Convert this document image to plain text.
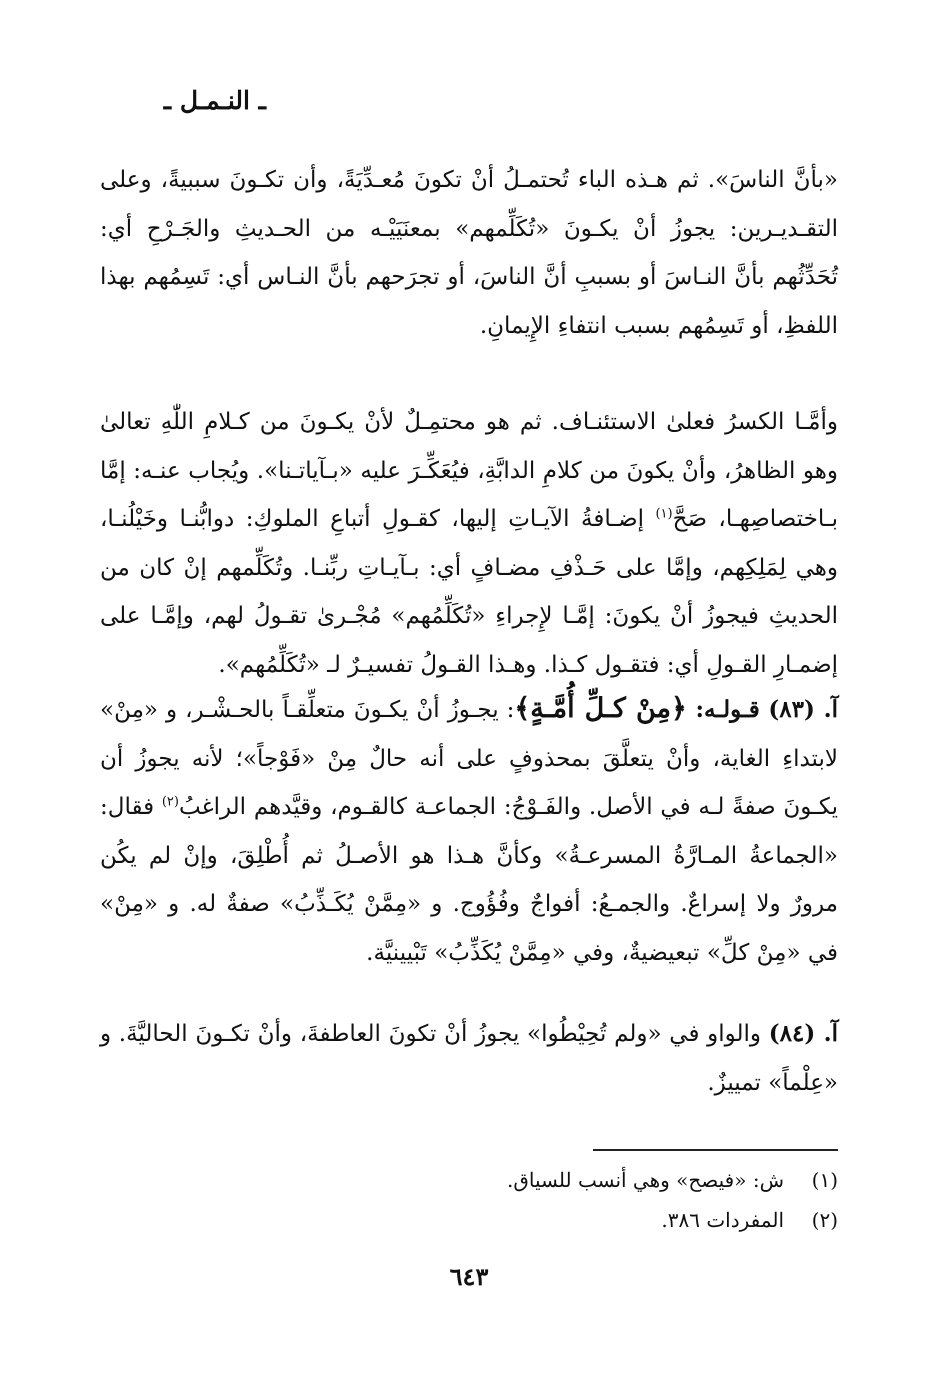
ـ النـمـل ـ

«بأنَّ الناسَ». ثم هـذه الباء تُحتمـلُ أنْ تكونَ مُعـدِّيَةً، وأن تكـونَ سببيةً، وعلى التقـديـرين: يجوزُ أنْ يكـونَ «تُكَلِّمهم» بمعنَيَيْـه من الحـديثِ والجَـرْحِ أي: تُحَدِّثُهم بأنَّ النـاسَ أو بسببِ أنَّ الناسَ، أو تجرَحهم بأنَّ النـاس أي: تَسِمُهم بهذا اللفظِ، أو تَسِمُهم بسبب انتفاءِ الإِيمانِ.

وأمَّـا الكسرُ فعلىٰ الاستئنـاف. ثم هو محتمِـلٌ لأنْ يكـونَ من كـلامِ اللّٰهِ تعالىٰ وهو الظاهرُ، وأنْ يكونَ من كلامِ الدابَّةِ، فيُعَكِّـرَ عليه «بـآياتـنا». ويُجاب عنـه: إمَّا بـاختصاصِهـا، صَحَّ$^{(١)}$ إضـافةُ الآيـاتِ إليها، كقـولِ أتباعِ الملوكِ: دوابُّنـا وخَيْلُنـا، وهي لِمَلِكِهم، وإمَّا على حَـذْفِ مضـافٍ أي: بـآيـاتِ ربِّنـا. وتُكَلِّمهم إنْ كان من الحديثِ فيجوزُ أنْ يكونَ: إمَّـا لإِجراءِ «تُكَلِّمُهم» مُجْـرىٰ تقـولُ لهم، وإمَّـا على إضمـارِ القـولِ أي: فتقـول كـذا. وهـذا القـولُ تفسيـرٌ لـ «تُكَلِّمُهم».

آ. (٨٣) قـولـه: ﴿مِنْ كـلِّ أُمَّـةٍ﴾: يجـوزُ أنْ يكـونَ متعلِّقـاً بالحـشْـر، و «مِنْ» لابتداءِ الغاية، وأنْ يتعلَّقَ بمحذوفٍ على أنه حالٌ مِنْ «فَوْجاً»؛ لأنه يجوزُ أن يكـونَ صفةً لـه في الأصل. والفَـوْجُ: الجماعـة كالقـوم، وقيَّدهم الراغبُ$^{(٢)}$ فقال: «الجماعةُ المـارَّةُ المسرعـةُ» وكأنَّ هـذا هو الأصـلُ ثم أُطْلِقَ، وإنْ لم يكُن مرورٌ ولا إسراعٌ. والجمـعُ: أفواجٌ وفُؤُوج. و «مِمَّنْ يُكَـذِّبُ» صفةٌ له. و «مِنْ» في «مِنْ كلِّ» تبعيضيةٌ، وفي «مِمَّنْ يُكَذِّبُ» تَبْيينيَّة.

آ. (٨٤) والواو في «ولم تُحِيْطُوا» يجوزُ أنْ تكونَ العاطفةَ، وأنْ تكـونَ الحاليَّةَ. و «عِلْماً» تمييزٌ.

(١)ش: «فيصح» وهي أنسب للسياق.

(٢)المفردات ٣٨٦.

٦٤٣
